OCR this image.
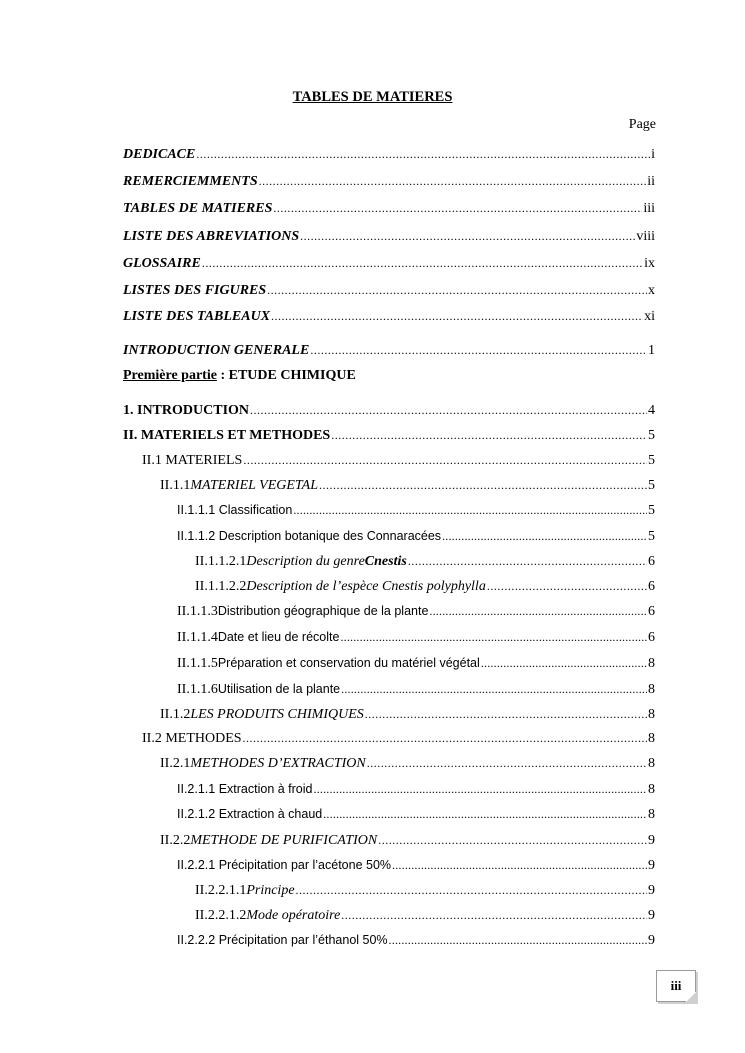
TABLES DE MATIERES
Page
DEDICACE .....	i
REMERCIEMMENTS .....	ii
TABLES DE MATIERES .....	iii
LISTE DES ABREVIATIONS .....	viii
GLOSSAIRE .....	ix
LISTES DES FIGURES .....	x
LISTE DES TABLEAUX .....	xi
INTRODUCTION GENERALE .....	1
Première partie : ETUDE CHIMIQUE
1. INTRODUCTION .....	4
II. MATERIELS ET METHODES .....	5
II.1 MATERIELS .....	5
II.1.1 MATERIEL VEGETAL .....	5
II.1.1.1 Classification .....	5
II.1.1.2 Description botanique des Connaracées .....	5
II.1.1.2.1 Description du genre Cnestis .....	6
II.1.1.2.2 Description de l’espèce Cnestis polyphylla .....	6
II.1.1.3 Distribution géographique de la plante .....	6
II.1.1.4 Date et lieu de récolte .....	6
II.1.1.5 Préparation et conservation du matériel végétal .....	8
II.1.1.6 Utilisation de la plante .....	8
II.1.2 LES PRODUITS CHIMIQUES .....	8
II.2 METHODES .....	8
II.2.1 METHODES D’EXTRACTION .....	8
II.2.1.1 Extraction à froid .....	8
II.2.1.2 Extraction à chaud .....	8
II.2.2 METHODE DE PURIFICATION .....	9
II.2.2.1 Précipitation par l’acétone 50% .....	9
II.2.2.1.1 Principe .....	9
II.2.2.1.2 Mode opératoire .....	9
II.2.2.2 Précipitation par l’éthanol 50% .....	9
iii
